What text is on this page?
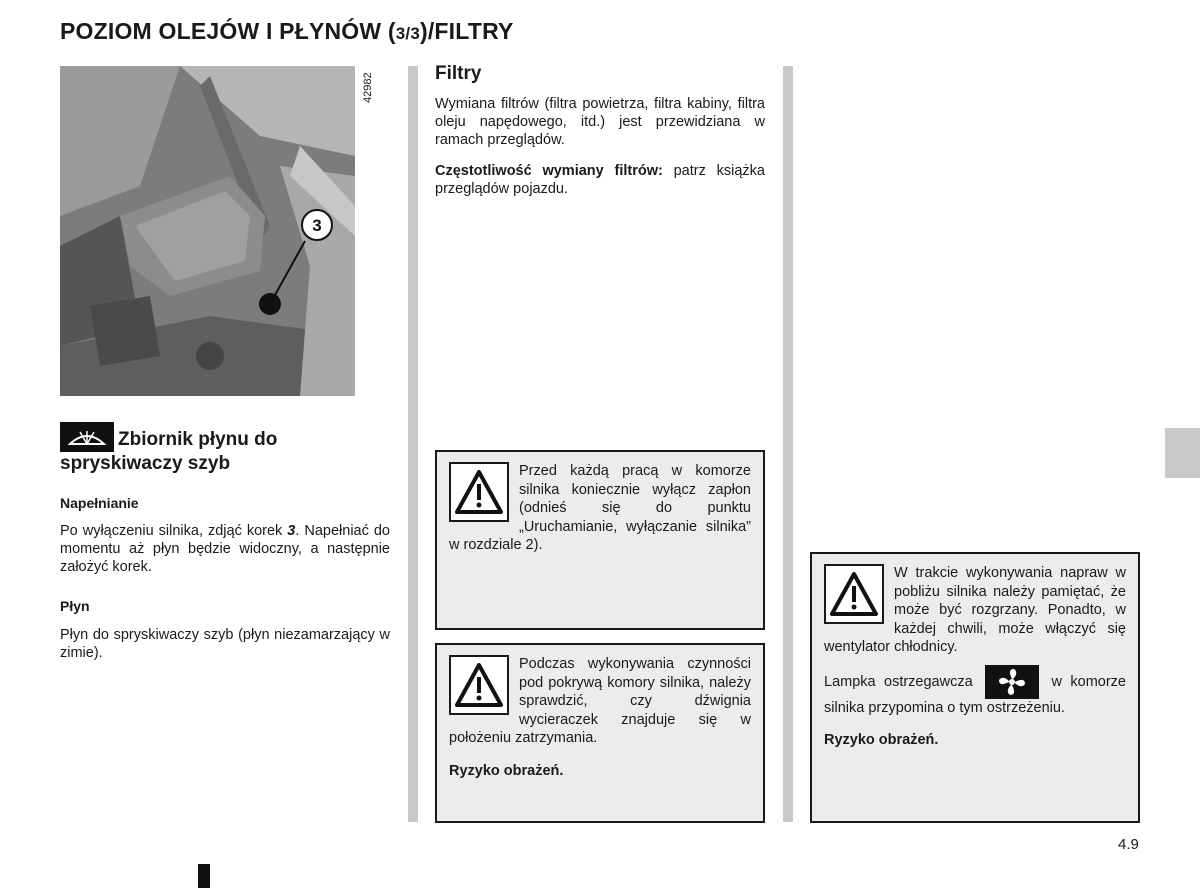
POZIOM OLEJÓW I PŁYNÓW (3/3)/FILTRY
3
42982
Zbiornik płynu do spryskiwaczy szyb
Napełnianie
Po wyłączeniu silnika, zdjąć korek 3. Napełniać do momentu aż płyn będzie widoczny, a następnie założyć korek.
Płyn
Płyn do spryskiwaczy szyb (płyn niezamarzający w zimie).
Filtry
Wymiana filtrów (filtra powietrza, filtra kabiny, filtra oleju napędowego, itd.) jest przewidziana w ramach przeglądów.
Częstotliwość wymiany filtrów: patrz książka przeglądów pojazdu.
Przed każdą pracą w komorze silnika koniecznie wyłącz zapłon (odnieś się do punktu „Uruchamianie, wyłączanie silnika” w rozdziale 2).
Podczas wykonywania czynności pod pokrywą komory silnika, należy sprawdzić, czy dźwignia wycieraczek znajduje się w położeniu zatrzymania.
Ryzyko obrażeń.
W trakcie wykonywania napraw w pobliżu silnika należy pamiętać, że może być rozgrzany. Ponadto, w każdej chwili, może włączyć się wentylator chłodnicy.
Lampka ostrzegawcza	w komorze silnika przypomina o tym ostrzeżeniu.
Ryzyko obrażeń.
4.9
